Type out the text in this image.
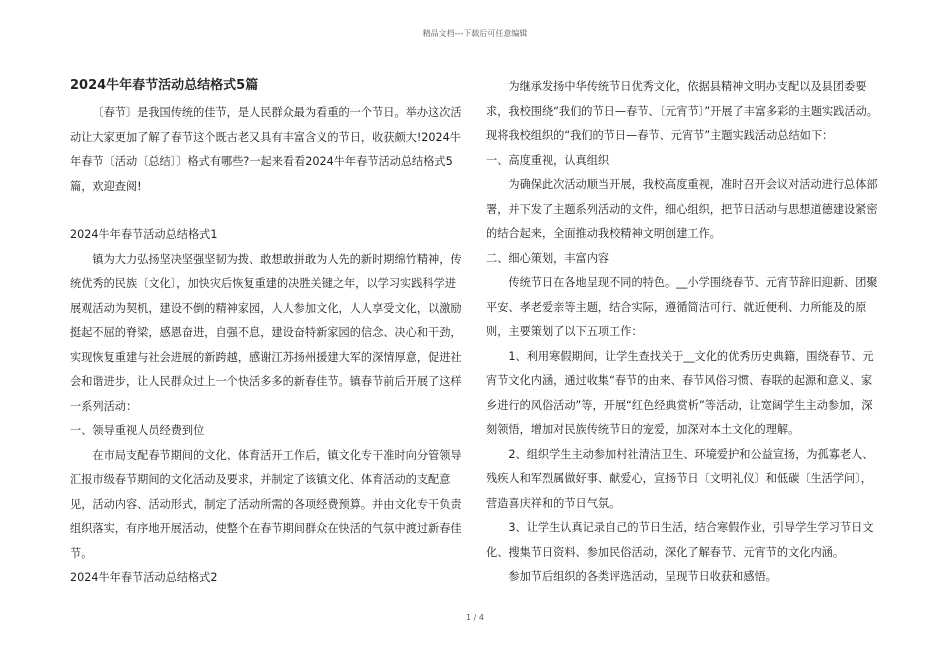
精品文档---下载后可任意编辑

2024牛年春节活动总结格式5篇

〔春节〕是我国传统的佳节，是人民群众最为看重的一个节日。举办这次活动让大家更加了解了春节这个既古老又具有丰富含义的节日，收获颇大!2024牛年春节〔活动〔总结〕〕格式有哪些?一起来看看2024牛年春节活动总结格式5篇，欢迎查阅!

2024牛年春节活动总结格式1

镇为大力弘扬坚决坚强坚韧为拨、敢想敢拼敢为人先的新时期绵竹精神，传统优秀的民族〔文化〕，加快灾后恢复重建的决胜关键之年，以学习实践科学进展观活动为契机，建设不倒的精神家园，人人参加文化，人人享受文化，以激励挺起不屈的脊梁，感恩奋进，自强不息，建设奋特新家园的信念、决心和干劲，实现恢复重建与社会进展的新跨越，感谢江苏扬州援建大军的深情厚意，促进社会和谐进步，让人民群众过上一个快活多多的新春佳节。镇春节前后开展了这样一系列活动：

一、领导重视人员经费到位

在市局支配春节期间的文化、体育活开工作后，镇文化专干准时向分管领导汇报市级春节期间的文化活动及要求，并制定了该镇文化、体育活动的支配意见，活动内容、活动形式，制定了活动所需的各项经费预算。并由文化专干负责组织落实，有序地开展活动，使整个在春节期间群众在快活的气氛中渡过新春佳节。

2024牛年春节活动总结格式2

为继承发扬中华传统节日优秀文化，依据县精神文明办支配以及县团委要求，我校围绕“我们的节日—春节、〔元宵节〕”开展了丰富多彩的主题实践活动。现将我校组织的“我们的节日—春节、元宵节”主题实践活动总结如下：

一、高度重视，认真组织

为确保此次活动顺当开展，我校高度重视，准时召开会议对活动进行总体部署，并下发了主题系列活动的文件，细心组织，把节日活动与思想道德建设紧密的结合起来，全面推动我校精神文明创建工作。

二、细心策划，丰富内容

传统节日在各地呈现不同的特色。__小学围绕春节、元宵节辞旧迎新、团聚平安、孝老爱亲等主题，结合实际，遵循简洁可行、就近便利、力所能及的原则，主要策划了以下五项工作：

1、利用寒假期间，让学生查找关于__文化的优秀历史典籍，围绕春节、元宵节文化内涵，通过收集“春节的由来、春节风俗习惯、春联的起源和意义、家乡进行的风俗活动”等，开展“红色经典赏析”等活动，让宽阔学生主动参加，深刻领悟，增加对民族传统节日的宠爱，加深对本土文化的理解。

2、组织学生主动参加村社清洁卫生、环境爱护和公益宣扬，为孤寡老人、残疾人和军烈属做好事、献爱心，宣扬节日〔文明礼仪〕和低碳〔生活学问〕，营造喜庆祥和的节日气氛。

3、让学生认真记录自己的节日生活，结合寒假作业，引导学生学习节日文化、搜集节日资料、参加民俗活动，深化了解春节、元宵节的文化内涵。

参加节后组织的各类评选活动，呈现节日收获和感悟。

1 / 4
